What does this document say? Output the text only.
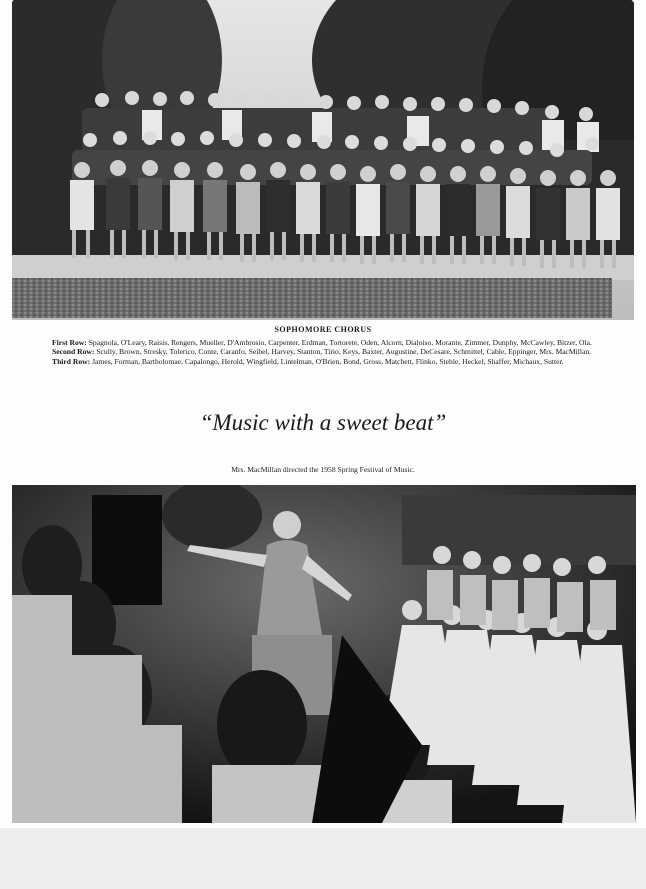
SOPHOMORE CHORUS
First Row: Spagnola, O'Leary, Raisis, Rengers, Mueller, D'Ambrosio, Carpenter, Erdman, Tortorete, Oden, Alcorn, Dialoiso, Morante, Zimmer, Dunphy, McCawley, Bitzer, Ola.
Second Row: Scully, Brown, Stresky, Tolerico, Conte, Caranfo, Seibel, Harvey, Stanton, Tirio, Keys, Baxter, Augustine, DeCesare, Schmittel, Cable, Eppinger, Mrs. MacMillan.
Third Row: James, Forman, Bartholomae, Capalongo, Herold, Wingfield, Lintelman, O'Brien, Bond, Gross, Matchett, Flinko, Stehle, Heckel, Shaffer, Michaux, Sutter.
“Music with a sweet beat”
Mrs. MacMillan directed the 1958 Spring Festival of Music.
